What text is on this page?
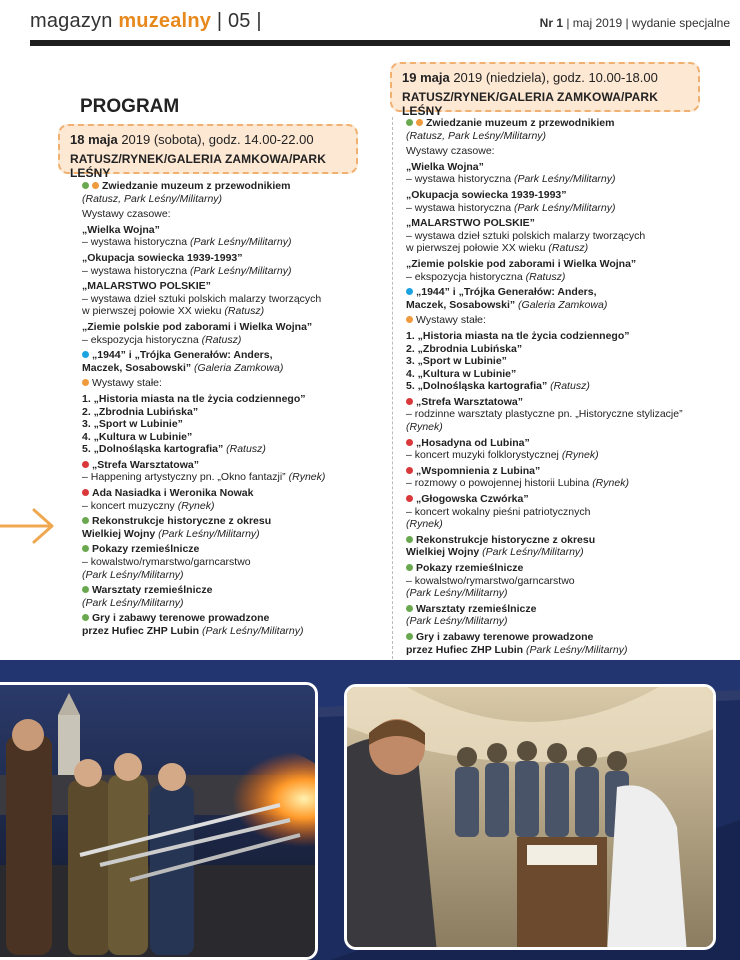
magazyn muzealny | 05 |	Nr 1 | maj 2019 | wydanie specjalne
PROGRAM
18 maja 2019 (sobota), godz. 14.00-22.00
RATUSZ/RYNEK/GALERIA ZAMKOWA/PARK LEŚNY
19 maja 2019 (niedziela), godz. 10.00-18.00
RATUSZ/RYNEK/GALERIA ZAMKOWA/PARK LEŚNY
Zwiedzanie muzeum z przewodnikiem
(Ratusz, Park Leśny/Militarny)
Wystawy czasowe:
„Wielka Wojna”
– wystawa historyczna (Park Leśny/Militarny)
„Okupacja sowiecka 1939-1993”
– wystawa historyczna (Park Leśny/Militarny)
„MALARSTWO POLSKIE”
– wystawa dzieł sztuki polskich malarzy tworzących
w pierwszej połowie XX wieku (Ratusz)
„Ziemie polskie pod zaborami i Wielka Wojna”
– ekspozycja historyczna (Ratusz)
„1944” i „Trójka Generałów: Anders,
Maczek, Sosabowski” (Galeria Zamkowa)
Wystawy stałe:
1. „Historia miasta na tle życia codziennego”
2. „Zbrodnia Lubińska”
3. „Sport w Lubinie”
4. „Kultura w Lubinie”
5. „Dolnośląska kartografia” (Ratusz)
„Strefa Warsztatowa”
– Happening artystyczny pn. „Okno fantazji” (Rynek)
Ada Nasiadka i Weronika Nowak
– koncert muzyczny (Rynek)
Rekonstrukcje historyczne z okresu
Wielkiej Wojny (Park Leśny/Militarny)
Pokazy rzemieślnicze
– kowalstwo/rymarstwo/garncarstwo
(Park Leśny/Militarny)
Warsztaty rzemieślnicze
(Park Leśny/Militarny)
Gry i zabawy terenowe prowadzone
przez Hufiec ZHP Lubin (Park Leśny/Militarny)
Zwiedzanie muzeum z przewodnikiem
(Ratusz, Park Leśny/Militarny)
Wystawy czasowe:
„Wielka Wojna”
– wystawa historyczna (Park Leśny/Militarny)
„Okupacja sowiecka 1939-1993”
– wystawa historyczna (Park Leśny/Militarny)
„MALARSTWO POLSKIE”
– wystawa dzieł sztuki polskich malarzy tworzących
w pierwszej połowie XX wieku (Ratusz)
„Ziemie polskie pod zaborami i Wielka Wojna”
– ekspozycja historyczna (Ratusz)
„1944” i „Trójka Generałów: Anders,
Maczek, Sosabowski” (Galeria Zamkowa)
Wystawy stałe:
1. „Historia miasta na tle życia codziennego”
2. „Zbrodnia Lubińska”
3. „Sport w Lubinie”
4. „Kultura w Lubinie”
5. „Dolnośląska kartografia” (Ratusz)
„Strefa Warsztatowa”
– rodzinne warsztaty plastyczne pn. „Historyczne stylizacje”
(Rynek)
„Hosadyna od Lubina”
– koncert muzyki folklorystycznej (Rynek)
„Wspomnienia z Lubina”
– rozmowy o powojennej historii Lubina (Rynek)
„Głogowska Czwórka”
– koncert wokalny pieśni patriotycznych
(Rynek)
Rekonstrukcje historyczne z okresu
Wielkiej Wojny (Park Leśny/Militarny)
Pokazy rzemieślnicze
– kowalstwo/rymarstwo/garncarstwo
(Park Leśny/Militarny)
Warsztaty rzemieślnicze
(Park Leśny/Militarny)
Gry i zabawy terenowe prowadzone
przez Hufiec ZHP Lubin (Park Leśny/Militarny)
